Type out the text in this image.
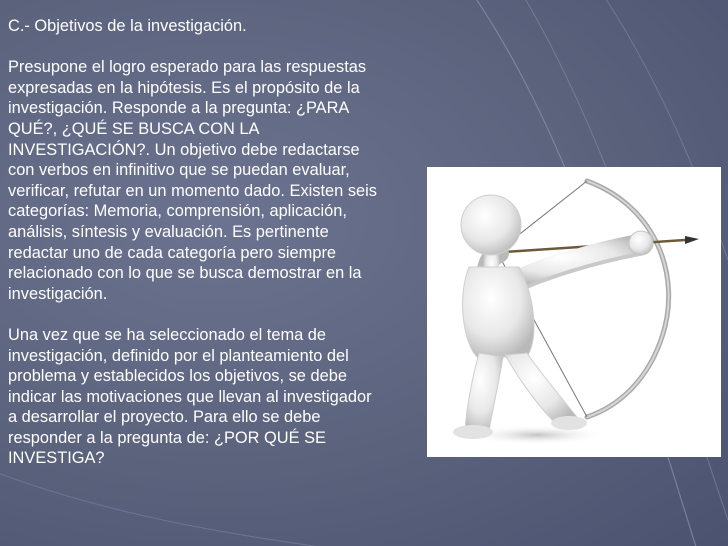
C.- Objetivos de la investigación.

Presupone el logro esperado para las respuestas
expresadas en la hipótesis. Es el propósito de la
investigación. Responde a la pregunta: ¿PARA
QUÉ?, ¿QUÉ SE BUSCA CON LA
INVESTIGACIÓN?. Un objetivo debe redactarse
con verbos en infinitivo que se puedan evaluar,
verificar, refutar en un momento dado. Existen seis
categorías: Memoria, comprensión, aplicación,
análisis, síntesis y evaluación. Es pertinente
redactar uno de cada categoría pero siempre
relacionado con lo que se busca demostrar en la
investigación.

Una vez que se ha seleccionado el tema de
investigación, definido por el planteamiento del
problema y establecidos los objetivos, se debe
indicar las motivaciones que llevan al investigador
a desarrollar el proyecto. Para ello se debe
responder a la pregunta de: ¿POR QUÉ SE
INVESTIGA?
